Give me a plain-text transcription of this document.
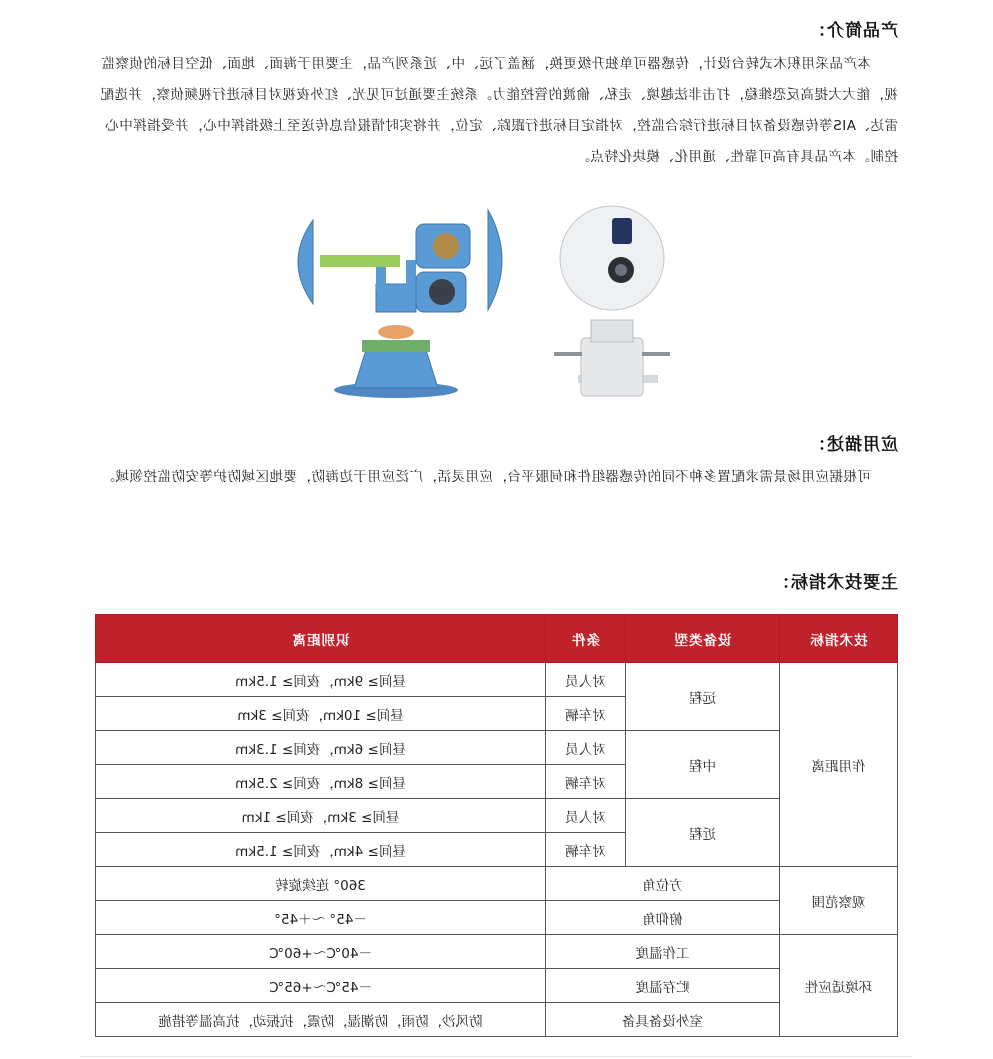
产品简介：
本产品采用积木式转台设计，传感器可单独升级更换，涵盖了远、中、近系列产品，主要用于海面、地面、低空目标的侦察监视，能大大提高反恐维稳，打击非法越境、走私、偷渡的管控能力。系统主要通过可见光、红外夜视对目标进行视频侦察，并选配雷达、AIS等传感设备对目标进行综合监控，对指定目标进行跟踪、定位，并将实时情报信息传送至上级指挥中心，并受指挥中心控制。本产品具有高可靠性、通用化、模块化特点。
应用描述：
可根据应用场景需求配置多种不同的传感器组件和伺服平台，应用灵活，广泛应用于边海防，要地区域防护等安防监控领域。
主要技术指标：
技术指标	设备类型	条件	识别距离
作用距离	远程	对人员	昼间≥ 9km，夜间≥ 1.5km
		对车辆	昼间≥ 10km，夜间≥ 3km
	中程	对人员	昼间≥ 6km，夜间≥ 1.3km
		对车辆	昼间≥ 8km，夜间≥ 2.5km
	近程	对人员	昼间≥ 3km，夜间≥ 1km
		对车辆	昼间≥ 4km，夜间≥ 1.5km
观察范围	方位角		360° 连续旋转
	俯仰角		－45° ～＋45°
环境适应性	工作温度		－40℃～+60℃
	贮存温度		－45℃～+65℃
	室外设备具备		防风沙，防雨，防潮湿，防震，抗振动，抗高温等措施
